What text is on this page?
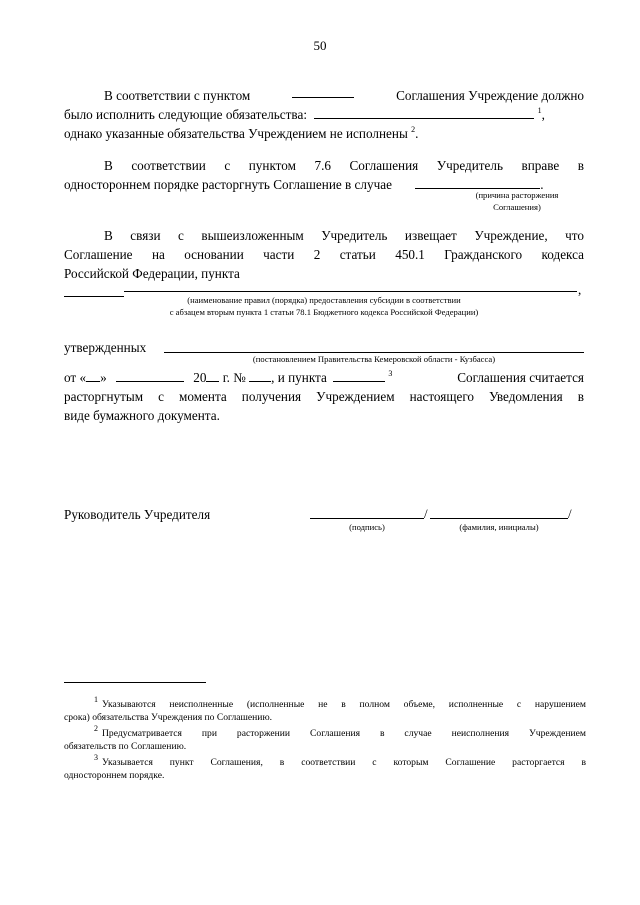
50
В соответствии с пунктом	Соглашения Учреждение должно
было исполнить следующие обязательства:	$^1$,
однако указанные обязательства Учреждением не исполнены $^2$.
В соответствии с пунктом 7.6 Соглашения Учредитель вправе в
одностороннем порядке расторгнуть Соглашение в случае	.
(причина расторжения
Соглашения)
В связи с вышеизложенным Учредитель извещает Учреждение, что
Соглашение на основании части 2 статьи 450.1 Гражданского кодекса
Российской Федерации, пункта
,
(наименование правил (порядка) предоставления субсидии в соответствии
с абзацем вторым пункта 1 статьи 78.1 Бюджетного кодекса Российской Федерации)
утвержденных
(постановлением Правительства Кемеровской области - Кузбасса)
от « »	20 г. № , и пункта	$^3$	Соглашения считается
расторгнутым с момента получения Учреждением настоящего Уведомления в
виде бумажного документа.
Руководитель Учредителя	/	/
(подпись)	(фамилия, инициалы)
$^1$ Указываются неисполненные (исполненные не в полном объеме, исполненные с нарушением
срока) обязательства Учреждения по Соглашению.
$^2$ Предусматривается при расторжении Соглашения в случае неисполнения Учреждением
обязательств по Соглашению.
$^3$ Указывается пункт Соглашения, в соответствии с которым Соглашение расторгается в
одностороннем порядке.
